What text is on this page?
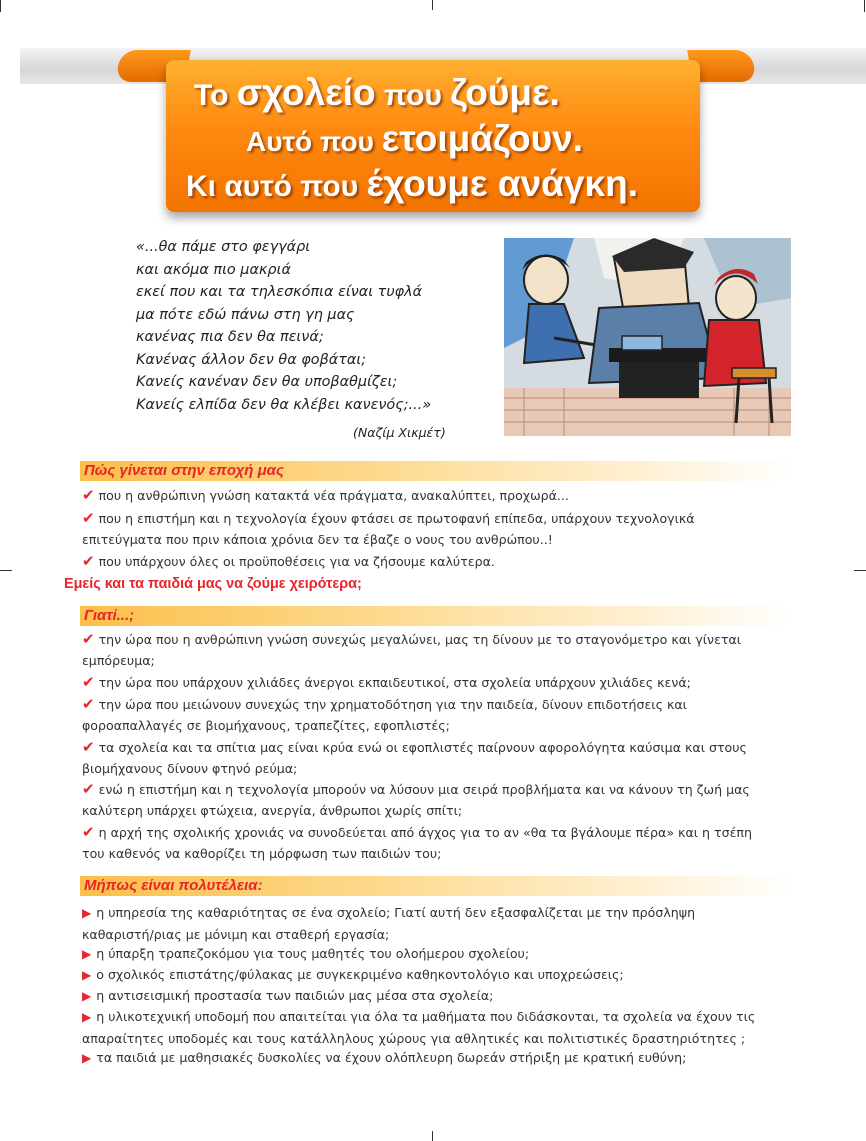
Το σχολείο που ζούμε.
Αυτό που ετοιμάζουν.
Κι αυτό που έχουμε ανάγκη.
«...θα πάμε στο φεγγάρι
και ακόμα πιο μακριά
εκεί που και τα τηλεσκόπια είναι τυφλά
μα πότε εδώ πάνω στη γη μας
κανένας πια δεν θα πεινά;
Κανένας άλλον δεν θα φοβάται;
Κανείς κανέναν δεν θα υποβαθμίζει;
Κανείς ελπίδα δεν θα κλέβει κανενός;...»
(Ναζίμ Χικμέτ)
Πώς γίνεται στην εποχή μας
✔ που η ανθρώπινη γνώση κατακτά νέα πράγματα, ανακαλύπτει, προχωρά...
✔ που η επιστήμη και η τεχνολογία έχουν φτάσει σε πρωτοφανή επίπεδα, υπάρχουν τεχνολογικά
επιτεύγματα που πριν κάποια χρόνια δεν τα έβαζε ο νους του ανθρώπου..!
✔ που υπάρχουν όλες οι προϋποθέσεις για να ζήσουμε καλύτερα.
Εμείς και τα παιδιά μας να ζούμε χειρότερα;
Γιατί...;
✔ την ώρα που η ανθρώπινη γνώση συνεχώς μεγαλώνει, μας τη δίνουν με το σταγονόμετρο και γίνεται
εμπόρευμα;
✔ την ώρα που υπάρχουν χιλιάδες άνεργοι εκπαιδευτικοί, στα σχολεία υπάρχουν χιλιάδες κενά;
✔ την ώρα που μειώνουν συνεχώς την χρηματοδότηση για την παιδεία, δίνουν επιδοτήσεις και
φοροαπαλλαγές σε βιομήχανους, τραπεζίτες, εφοπλιστές;
✔ τα σχολεία και τα σπίτια μας είναι κρύα ενώ οι εφοπλιστές παίρνουν αφορολόγητα καύσιμα και στους
βιομήχανους δίνουν φτηνό ρεύμα;
✔ ενώ η επιστήμη και η τεχνολογία μπορούν να λύσουν μια σειρά προβλήματα και να κάνουν τη ζωή μας
καλύτερη υπάρχει φτώχεια, ανεργία, άνθρωποι χωρίς σπίτι;
✔ η αρχή της σχολικής χρονιάς να συνοδεύεται από άγχος για το αν «θα τα βγάλουμε πέρα» και η τσέπη
του καθενός να καθορίζει τη μόρφωση των παιδιών του;
Μήπως είναι πολυτέλεια:
▶ η υπηρεσία της καθαριότητας σε ένα σχολείο; Γιατί αυτή δεν εξασφαλίζεται με την πρόσληψη
καθαριστή/ριας με μόνιμη και σταθερή εργασία;
▶ η ύπαρξη τραπεζοκόμου για τους μαθητές του ολοήμερου σχολείου;
▶ ο σχολικός επιστάτης/φύλακας με συγκεκριμένο καθηκοντολόγιο και υποχρεώσεις;
▶ η αντισεισμική προστασία των παιδιών μας μέσα στα σχολεία;
▶ η υλικοτεχνική υποδομή που απαιτείται για όλα τα μαθήματα που διδάσκονται, τα σχολεία να έχουν τις
απαραίτητες υποδομές και τους κατάλληλους χώρους για αθλητικές και πολιτιστικές δραστηριότητες ;
▶ τα παιδιά με μαθησιακές δυσκολίες να έχουν ολόπλευρη δωρεάν στήριξη με κρατική ευθύνη;
